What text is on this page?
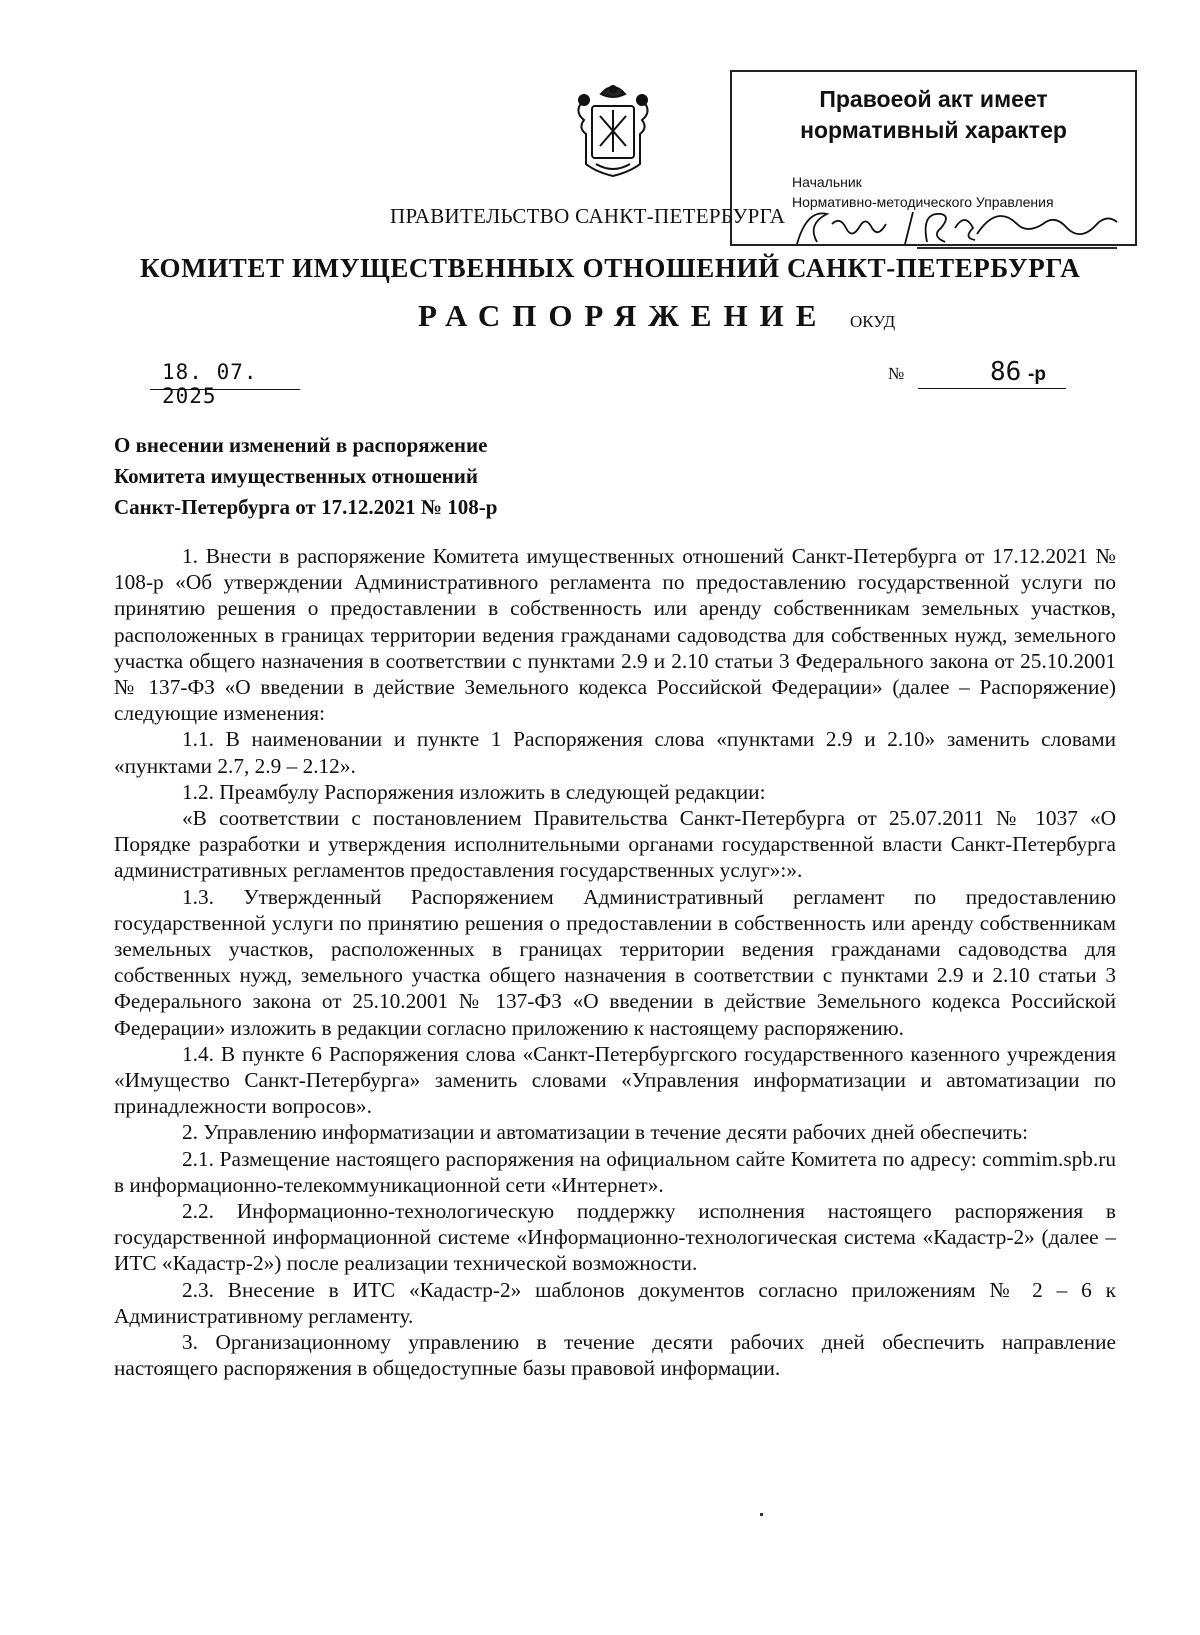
Правоеой акт имеет
нормативный характер
Начальник
Нормативно-методического Управления
ПРАВИТЕЛЬСТВО САНКТ-ПЕТЕРБУРГА
КОМИТЕТ ИМУЩЕСТВЕННЫХ ОТНОШЕНИЙ САНКТ-ПЕТЕРБУРГА
РАСПОРЯЖЕНИЕ ОКУД
18. 07. 2025
№	86 -р
О внесении изменений в распоряжение
Комитета имущественных отношений
Санкт-Петербурга от 17.12.2021 № 108-р

1. Внести в распоряжение Комитета имущественных отношений Санкт-Петербурга от 17.12.2021 № 108-р «Об утверждении Административного регламента по предоставлению государственной услуги по принятию решения о предоставлении в собственность или аренду собственникам земельных участков, расположенных в границах территории ведения гражданами садоводства для собственных нужд, земельного участка общего назначения в соответствии с пунктами 2.9 и 2.10 статьи 3 Федерального закона от 25.10.2001 № 137-ФЗ «О введении в действие Земельного кодекса Российской Федерации» (далее – Распоряжение) следующие изменения:

1.1. В наименовании и пункте 1 Распоряжения слова «пунктами 2.9 и 2.10» заменить словами «пунктами 2.7, 2.9 – 2.12».

1.2. Преамбулу Распоряжения изложить в следующей редакции:

«В соответствии с постановлением Правительства Санкт-Петербурга от 25.07.2011 № 1037 «О Порядке разработки и утверждения исполнительными органами государственной власти Санкт-Петербурга административных регламентов предоставления государственных услуг»:».

1.3. Утвержденный Распоряжением Административный регламент по предоставлению государственной услуги по принятию решения о предоставлении в собственность или аренду собственникам земельных участков, расположенных в границах территории ведения гражданами садоводства для собственных нужд, земельного участка общего назначения в соответствии с пунктами 2.9 и 2.10 статьи 3 Федерального закона от 25.10.2001 № 137-ФЗ «О введении в действие Земельного кодекса Российской Федерации» изложить в редакции согласно приложению к настоящему распоряжению.

1.4. В пункте 6 Распоряжения слова «Санкт-Петербургского государственного казенного учреждения «Имущество Санкт-Петербурга» заменить словами «Управления информатизации и автоматизации по принадлежности вопросов».

2. Управлению информатизации и автоматизации в течение десяти рабочих дней обеспечить:

2.1. Размещение настоящего распоряжения на официальном сайте Комитета по адресу: commim.spb.ru в информационно-телекоммуникационной сети «Интернет».

2.2. Информационно-технологическую поддержку исполнения настоящего распоряжения в государственной информационной системе «Информационно-технологическая система «Кадастр-2» (далее – ИТС «Кадастр-2») после реализации технической возможности.

2.3. Внесение в ИТС «Кадастр-2» шаблонов документов согласно приложениям № 2 – 6 к Административному регламенту.

3. Организационному управлению в течение десяти рабочих дней обеспечить направление настоящего распоряжения в общедоступные базы правовой информации.
